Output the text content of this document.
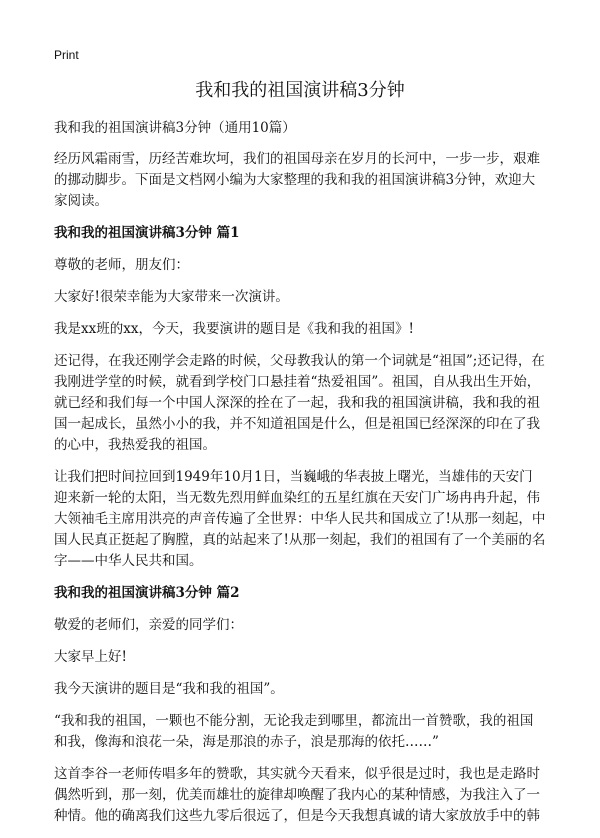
Print
我和我的祖国演讲稿3分钟

我和我的祖国演讲稿3分钟（通用10篇）

经历风霜雨雪，历经苦难坎坷，我们的祖国母亲在岁月的长河中，一步一步，艰难的挪动脚步。下面是文档网小编为大家整理的我和我的祖国演讲稿3分钟，欢迎大家阅读。

我和我的祖国演讲稿3分钟 篇1

尊敬的老师，朋友们：

大家好!很荣幸能为大家带来一次演讲。

我是xx班的xx，今天，我要演讲的题目是《我和我的祖国》!

还记得，在我还刚学会走路的时候，父母教我认的第一个词就是“祖国”;还记得，在我刚进学堂的时候，就看到学校门口悬挂着“热爱祖国”。祖国，自从我出生开始，就已经和我们每一个中国人深深的拴在了一起，我和我的祖国演讲稿，我和我的祖国一起成长，虽然小小的我，并不知道祖国是什么，但是祖国已经深深的印在了我的心中，我热爱我的祖国。

让我们把时间拉回到1949年10月1日，当巍峨的华表披上曙光，当雄伟的天安门迎来新一轮的太阳，当无数先烈用鲜血染红的五星红旗在天安门广场冉冉升起，伟大领袖毛主席用洪亮的声音传遍了全世界：中华人民共和国成立了!从那一刻起，中国人民真正挺起了胸膛，真的站起来了!从那一刻起，我们的祖国有了一个美丽的名字——中华人民共和国。

我和我的祖国演讲稿3分钟 篇2

敬爱的老师们，亲爱的同学们：

大家早上好!

我今天演讲的题目是“我和我的祖国”。

“我和我的祖国，一颗也不能分割，无论我走到哪里，都流出一首赞歌，我的祖国和我，像海和浪花一朵，海是那浪的赤子，浪是那海的依托……”

这首李谷一老师传唱多年的赞歌，其实就今天看来，似乎很是过时，我也是走路时偶然听到，那一刻，优美而雄壮的旋律却唤醒了我内心的某种情感，为我注入了一种情。他的确离我们这些九零后很远了，但是今天我想真诚的请大家放放手中的韩
